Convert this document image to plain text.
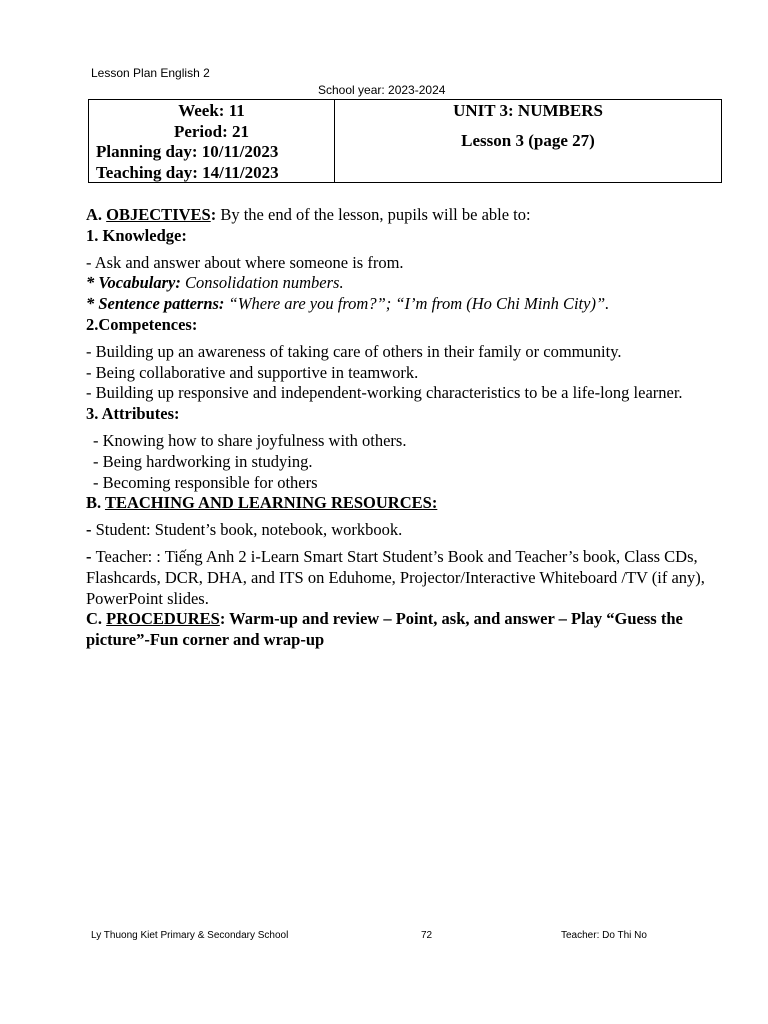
Lesson Plan English 2
School year: 2023-2024
Week: 11
Period: 21
Planning day: 10/11/2023
Teaching day: 14/11/2023
UNIT 3: NUMBERS
Lesson 3 (page 27)

A. OBJECTIVES: By the end of the lesson, pupils will be able to:

1. Knowledge:

- Ask and answer about where someone is from.

* Vocabulary: Consolidation numbers.

* Sentence patterns: “Where are you from?”; “I’m from (Ho Chi Minh City)”.

2.Competences:

- Building up an awareness of taking care of others in their family or community.

- Being collaborative and supportive in teamwork.

- Building up responsive and independent-working characteristics to be a life-long learner.

3. Attributes:

- Knowing how to share joyfulness with others.

- Being hardworking in studying.

- Becoming responsible for others

B. TEACHING AND LEARNING RESOURCES:

- Student: Student’s book, notebook, workbook.

- Teacher: : Tiếng Anh 2 i-Learn Smart Start Student’s Book and Teacher’s book, Class CDs, Flashcards, DCR, DHA, and ITS on Eduhome, Projector/Interactive Whiteboard /TV (if any), PowerPoint slides.

C. PROCEDURES: Warm-up and review – Point, ask, and answer – Play “Guess the picture”-Fun corner and wrap-up

Ly Thuong Kiet Primary & Secondary School	72	Teacher: Do Thi No
